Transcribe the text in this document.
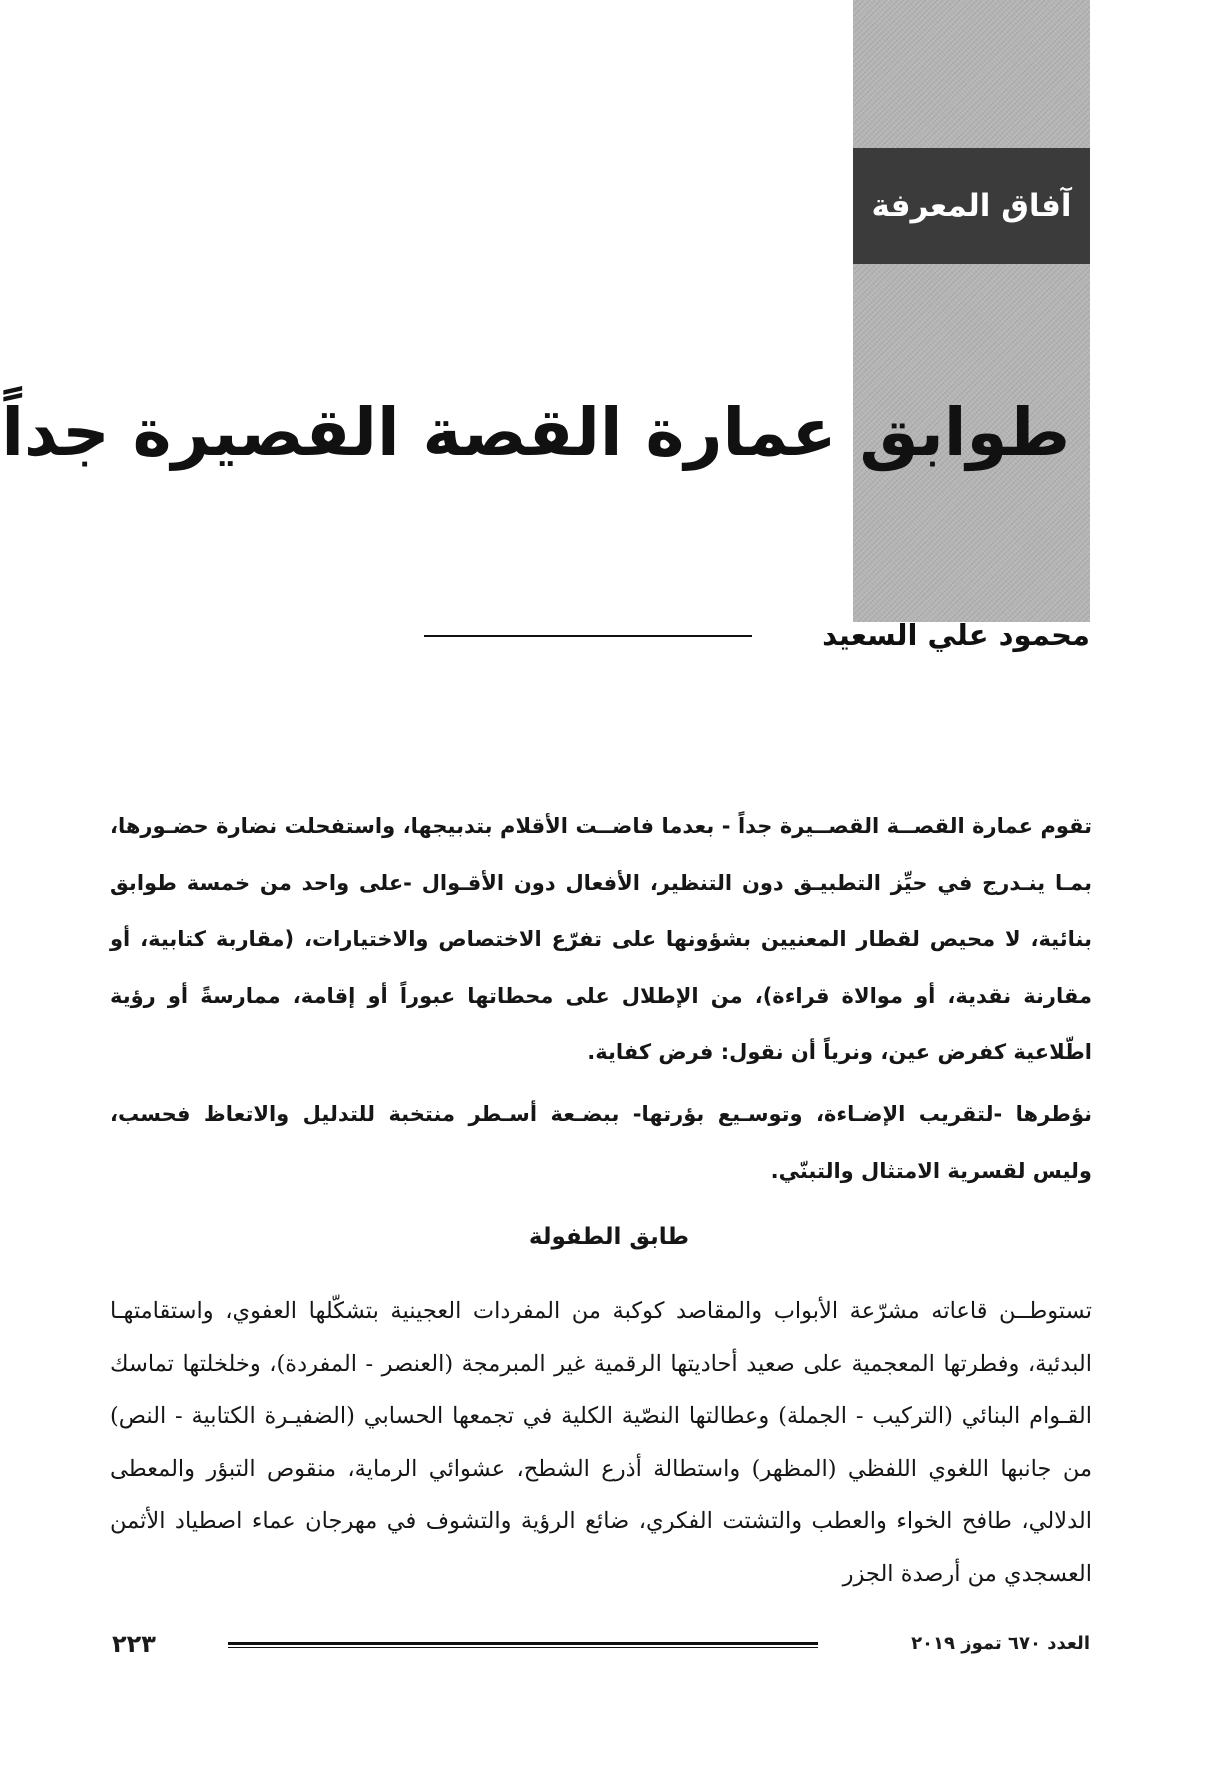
آفاق المعرفة
طوابق عمارة القصة القصيرة جداً
محمود علي السعيد

تقوم عمارة القصــة القصــيرة جداً - بعدما فاضــت الأقلام بتدبيجها، واستفحلت نضارة حضـورها، بمـا ينـدرج في حيِّز التطبيـق دون التنظير، الأفعال دون الأقـوال -على واحد من خمسة طوابق بنائية، لا محيص لقطار المعنيين بشؤونها على تفرّع الاختصاص والاختيارات، (مقاربة كتابية، أو مقارنة نقدية، أو موالاة قراءة)، من الإطلال على محطاتها عبوراً أو إقامة، ممارسةً أو رؤية اطّلاعية كفرض عين، ونرياً أن نقول: فرض كفاية.

نؤطرها -لتقريب الإضـاءة، وتوسـيع بؤرتها- ببضـعة أسـطر منتخبة للتدليل والاتعاظ فحسب، وليس لقسرية الامتثال والتبنّي.

طابق الطفولة

تستوطــن قاعاته مشرّعة الأبواب والمقاصد كوكبة من المفردات العجينية بتشكّلها العفوي، واستقامتهـا البدئية، وفطرتها المعجمية على صعيد أحاديتها الرقمية غير المبرمجة (العنصر - المفردة)، وخلخلتها تماسك القـوام البنائي (التركيب - الجملة) وعطالتها النصّية الكلية في تجمعها الحسابي (الضفيـرة الكتابية - النص) من جانبها اللغوي اللفظي (المظهر) واستطالة أذرع الشطح، عشوائي الرماية، منقوص التبؤر والمعطى الدلالي، طافح الخواء والعطب والتشتت الفكري، ضائع الرؤية والتشوف في مهرجان عماء اصطياد الأثمن العسجدي من أرصدة الجزر

٢٢٣	العدد ٦٧٠ تموز ٢٠١٩
